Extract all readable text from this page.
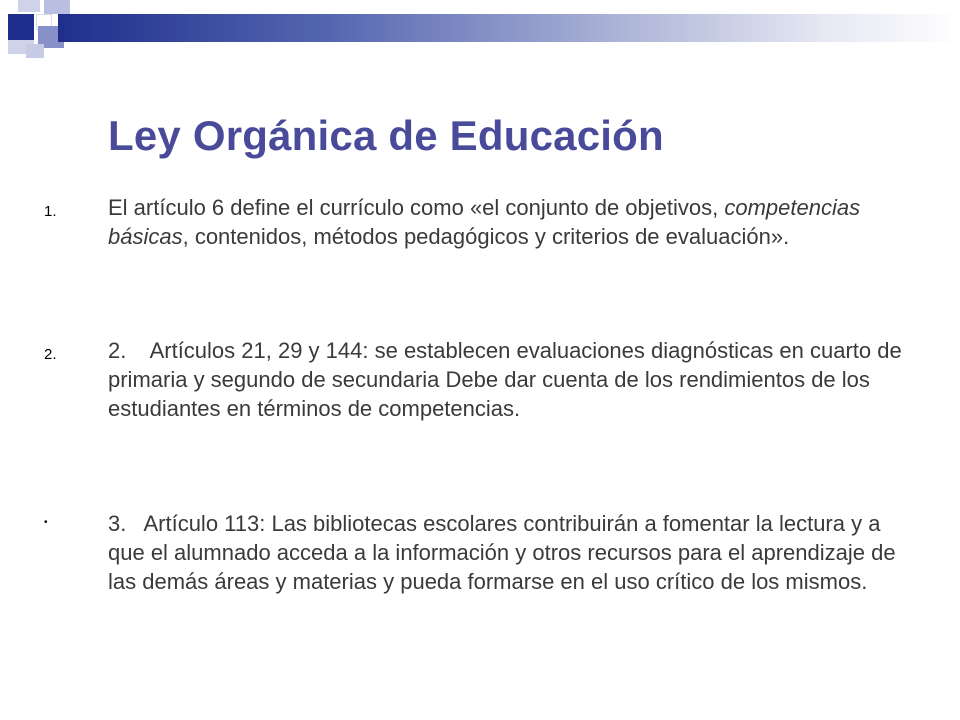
Ley Orgánica de Educación
1. El artículo 6 define el currículo como «el conjunto de objetivos, competencias básicas, contenidos, métodos pedagógicos y criterios de evaluación».
2. 2.    Artículos 21, 29 y 144: se establecen evaluaciones diagnósticas en cuarto de primaria y segundo de secundaria Debe dar cuenta de los rendimientos de los estudiantes en términos de competencias.
•	3.   Artículo 113: Las bibliotecas escolares contribuirán a fomentar la lectura y a que el alumnado acceda a la información y otros recursos para el aprendizaje de las demás áreas y materias y pueda formarse en el uso crítico de los mismos.
